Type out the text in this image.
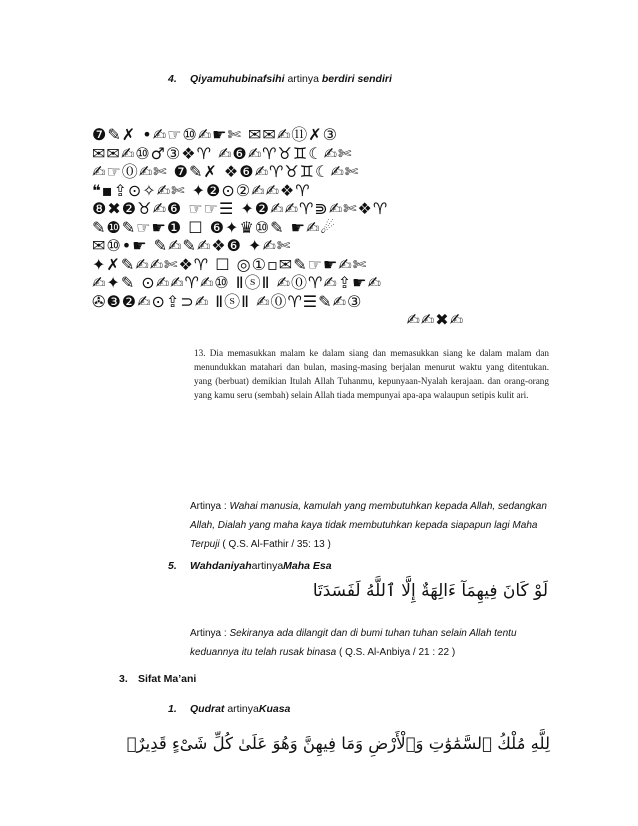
4. Qiyamuhubinafsihi artinya berdiri sendiri
❼✎✗ •✍☞⑩✍☛✄ ✉✉✍⑪✗③
✉✉✍⑩♂③❖♈ ✍❻✍♈♉♊☾✍✄
✍☞⓪✍✄ ❼✎✗ ❖❻✍♈♉♊☾✍✄
❝▪⇪⊙✧✍✄ ✦❷⊙②✍✍❖♈
❽✖❷♉✍❻ ☞☞☰ ✦❷✍✍♈⋑✍✄❖♈
✎❿✎☞☛❶ ☐ ❻✦♛⑩✎ ☛✍☄
✉⑩•☛ ✎✍✎✍❖❻ ✦✍✄
✦✗✎✍✍✄❖♈ ☐ ◎①▫✉✎☞☛✍✄
✍✦✎ ⊙✍✍♈✍⑩ ⅡⓢⅡ ✍⓪♈✍⇪☛✍
✇❸❷✍⊙⇪⊃✍ ⅡⓢⅡ ✍⓪♈☰✎✍③
✍✍✖✍
13. Dia memasukkan malam ke dalam siang dan memasukkan siang ke dalam malam dan menundukkan matahari dan bulan, masing-masing berjalan menurut waktu yang ditentukan. yang (berbuat) demikian Itulah Allah Tuhanmu, kepunyaan-Nyalah kerajaan. dan orang-orang yang kamu seru (sembah) selain Allah tiada mempunyai apa-apa walaupun setipis kulit ari.
Artinya : Wahai manusia, kamulah yang membutuhkan kepada Allah, sedangkan Allah, Dialah yang maha kaya tidak membutuhkan kepada siapapun lagi Maha Terpuji ( Q.S. Al-Fathir / 35: 13 )
5. WahdaniyahartinyaMaha Esa
لَوْ كَانَ فِيهِمَآ ءَالِهَةٌ إِلَّا ٱللَّهُ لَفَسَدَتَا
Artinya : Sekiranya ada dilangit dan di bumi tuhan tuhan selain Allah tentu keduannya itu telah rusak binasa ( Q.S. Al-Anbiya / 21 : 22 )
3. Sifat Ma’ani
1. Qudrat artinyaKuasa
لِلَّهِ مُلْكُ ٱلسَّمَٰوَٰتِ وَٱلْأَرْضِ وَمَا فِيهِنَّ وَهُوَ عَلَىٰ كُلِّ شَىْءٍ قَدِيرٌۢ
